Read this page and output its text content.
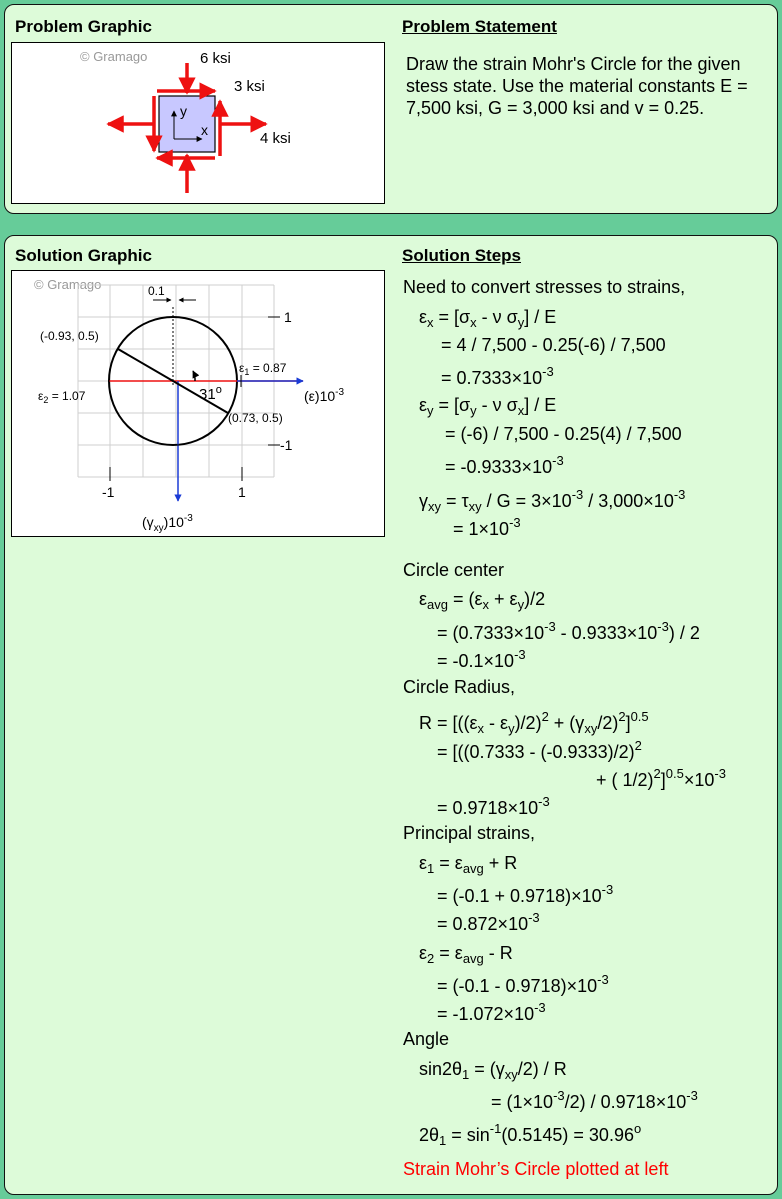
Problem Graphic	Problem Statement
© Gramago
y
x
6 ksi
3 ksi
4 ksi
Draw the strain Mohr's Circle for the given stess state. Use the material constants E = 7,500 ksi, G = 3,000 ksi and v = 0.25.
Solution Graphic	Solution Steps
© Gramago	0.1
(-0.93, 0.5)
(0.73, 0.5)
$\varepsilon_1 = 0.87$
$\varepsilon_2 = 1.07$	31$^o$	$(\varepsilon)10^{-3}$
$(\gamma_{xy})10^{-3}$
1
-1
-1	1
Need to convert stresses to strains,
$\varepsilon_x = [\sigma_x - \nu$ $\sigma_y$] / E
= 4 / 7,500 - 0.25(-6) / 7,500
= $0.7333\times 10^{-3}$
$\varepsilon_y = [\sigma_y - \nu$ $\sigma_x$] / E
= (-6) / 7,500 - 0.25(4) / 7,500
= $-0.9333\times 10^{-3}$
$\gamma_{xy} = \tau_{xy} / G = 3\times 10^{-3} / 3,000\times 10^{-3}$
= $1\times 10^{-3}$
Circle center
$\varepsilon_{avg} = (\varepsilon_x + \varepsilon_y)/2$
= $(0.7333\times 10^{-3} - 0.9333\times 10^{-3}) / 2$
= $-0.1\times 10^{-3}$
Circle Radius,
$R = [((\varepsilon_x - \varepsilon_y)/2)^2 + (\gamma_{xy}/2)^2]^{0.5}$
= [((0.7333 - (-0.9333)/2)$^2$
+ ( $1/2)^2]^{0.5}\times 10^{-3}$
= $0.9718\times 10^{-3}$
Principal strains,
$\varepsilon_1 = \varepsilon_{avg} + R$
= $(-0.1 + 0.9718)\times 10^{-3}$
= $0.872\times 10^{-3}$
$\varepsilon_2 = \varepsilon_{avg} - R$
= $(-0.1 - 0.9718)\times 10^{-3}$
= $-1.072\times 10^{-3}$
Angle
$\sin 2\theta_1 = (\gamma_{xy}/2) / R$
= $(1\times 10^{-3}/2) / 0.9718\times 10^{-3}$
$2\theta_1 = \sin^{-1}(0.5145) = 30.96^o$
Strain Mohr’s Circle plotted at left
